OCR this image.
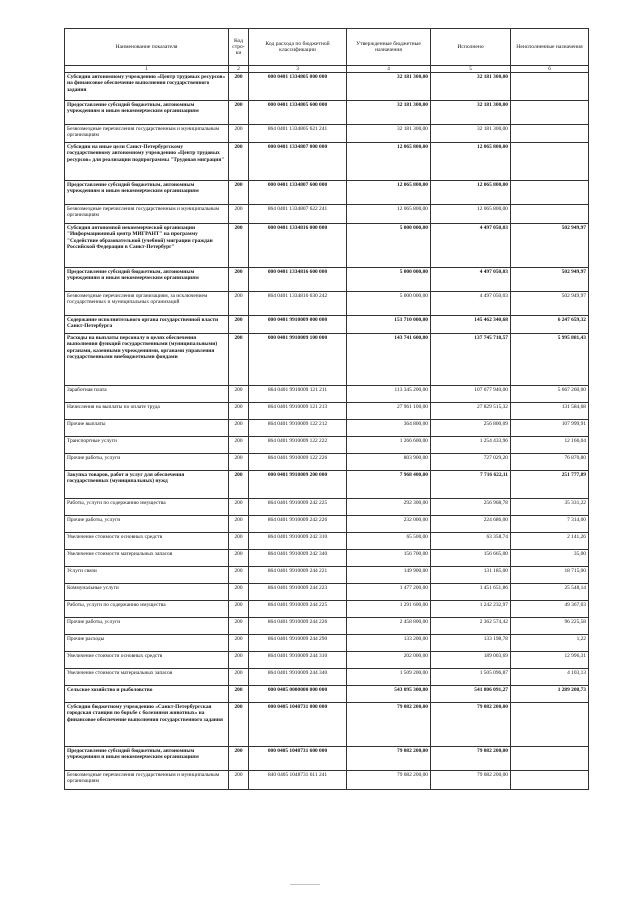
Наименование показателя	Код стро-ки	Код расхода по бюджетной классификации	Утвержденные бюджетные назначения	Исполнено	Неисполненные назначения
1	2	3	4	5	6
Субсидии автономному учреждению «Центр трудовых ресурсов» на финансовое обеспечение выполнения государственного задания	200	000 0401 1334805 000 000	32 181 300,00	32 181 300,00	
Предоставление субсидий бюджетным, автономным учреждениям и иным некоммерческим организациям	200	000 0401 1334805 600 000	32 181 300,00	32 181 300,00	
Безвозмездные перечисления государственным и муниципальным организациям	200	864 0401 1334805 621 241	32 181 300,00	32 181 300,00	
Субсидии на иные цели Санкт-Петербургскому государственному автономному учреждению «Центр трудовых ресурсов» для реализации подпрограммы "Трудовая миграция"	200	000 0401 1334807 000 000	12 065 800,00	12 065 800,00	
Предоставление субсидий бюджетным, автономным учреждениям и иным некоммерческим организациям	200	000 0401 1334807 600 000	12 065 800,00	12 065 800,00	
Безвозмездные перечисления государственным и муниципальным организациям	200	864 0401 1334807 622 241	12 065 800,00	12 065 800,00	
Субсидия автономной некоммерческой организации "Информационный центр МИГРАНТ" на программу "Содействие образовательной (учебной) миграции граждан Российской Федерации в Санкт-Петербург"	200	000 0401 1334816 000 000	5 000 000,00	4 497 050,03	502 949,97
Предоставление субсидий бюджетным, автономным учреждениям и иным некоммерческим организациям	200	000 0401 1334816 600 000	5 000 000,00	4 497 050,03	502 949,97
Безвозмездные перечисления организациям, за исключением государственных и муниципальных организаций	200	864 0401 1334816 630 242	5 000 000,00	4 497 050,03	502 949,97
Содержание исполнительного органа государственной власти Санкт-Петербурга	200	000 0401 9910009 000 000	151 710 000,00	145 462 340,68	6 247 659,32
Расходы на выплаты персоналу в целях обеспечения выполнения функций государственными (муниципальными) органами, казенными учреждениями, органами управления государственными внебюджетными фондами	200	000 0401 9910009 100 000	143 741 600,00	137 745 718,57	5 995 881,43
Заработная плата	200	864 0401 9910009 121 211	113 345 200,00	107 677 940,00	5 667 260,00
Начисления на выплаты по оплате труда	200	864 0401 9910009 121 213	27 961 100,00	27 829 515,32	131 584,68
Прочие выплаты	200	864 0401 9910009 122 212	364 800,00	256 800,09	107 999,91
Транспортные услуги	200	864 0401 9910009 122 222	1 266 600,00	1 254 433,96	12 166,04
Прочие работы, услуги	200	864 0401 9910009 122 226	803 900,00	727 029,20	76 870,80
Закупка товаров, работ и услуг для обеспечения государственных (муниципальных) нужд	200	000 0401 9910009 200 000	7 968 400,00	7 716 622,11	251 777,89
Работы, услуги по содержанию имущества	200	864 0401 9910009 242 225	292 300,00	256 968,78	35 331,22
Прочие работы, услуги	200	864 0401 9910009 242 226	232 000,00	224 686,00	7 314,00
Увеличение стоимости основных средств	200	864 0401 9910009 242 310	65 500,00	63 358,74	2 141,26
Увеличение стоимости материальных запасов	200	864 0401 9910009 242 340	156 700,00	156 665,00	35,00
Услуги связи	200	864 0401 9910009 244 221	149 900,00	131 185,00	18 715,00
Коммунальные услуги	200	864 0401 9910009 244 223	1 477 200,00	1 451 651,86	25 548,14
Работы, услуги по содержанию имущества	200	864 0401 9910009 244 225	1 291 600,00	1 242 232,97	49 367,03
Прочие работы, услуги	200	864 0401 9910009 244 226	2 458 800,00	2 362 574,42	96 225,58
Прочие расходы	200	864 0401 9910009 244 290	133 200,00	133 198,78	1,22
Увеличение стоимости основных средств	200	864 0401 9910009 244 310	202 000,00	189 003,69	12 996,31
Увеличение стоимости материальных запасов	200	864 0401 9910009 244 340	1 509 200,00	1 505 096,87	4 103,13
Сельское хозяйство и рыболовство	200	000 0405 0000000 000 000	543 095 300,00	541 806 091,27	1 289 208,73
Субсидии бюджетному учреждению «Санкт-Петербургская городская станция по борьбе с болезнями животных» на финансовое обеспечение выполнения государственного задания	200	000 0405 1048731 000 000	79 082 200,00	79 082 200,00	
Предоставление субсидий бюджетным, автономным учреждениям и иным некоммерческим организациям	200	000 0405 1048731 600 000	79 082 200,00	79 082 200,00	
Безвозмездные перечисления государственным и муниципальным организациям	200	840 0405 1048731 611 241	79 082 200,00	79 082 200,00	
